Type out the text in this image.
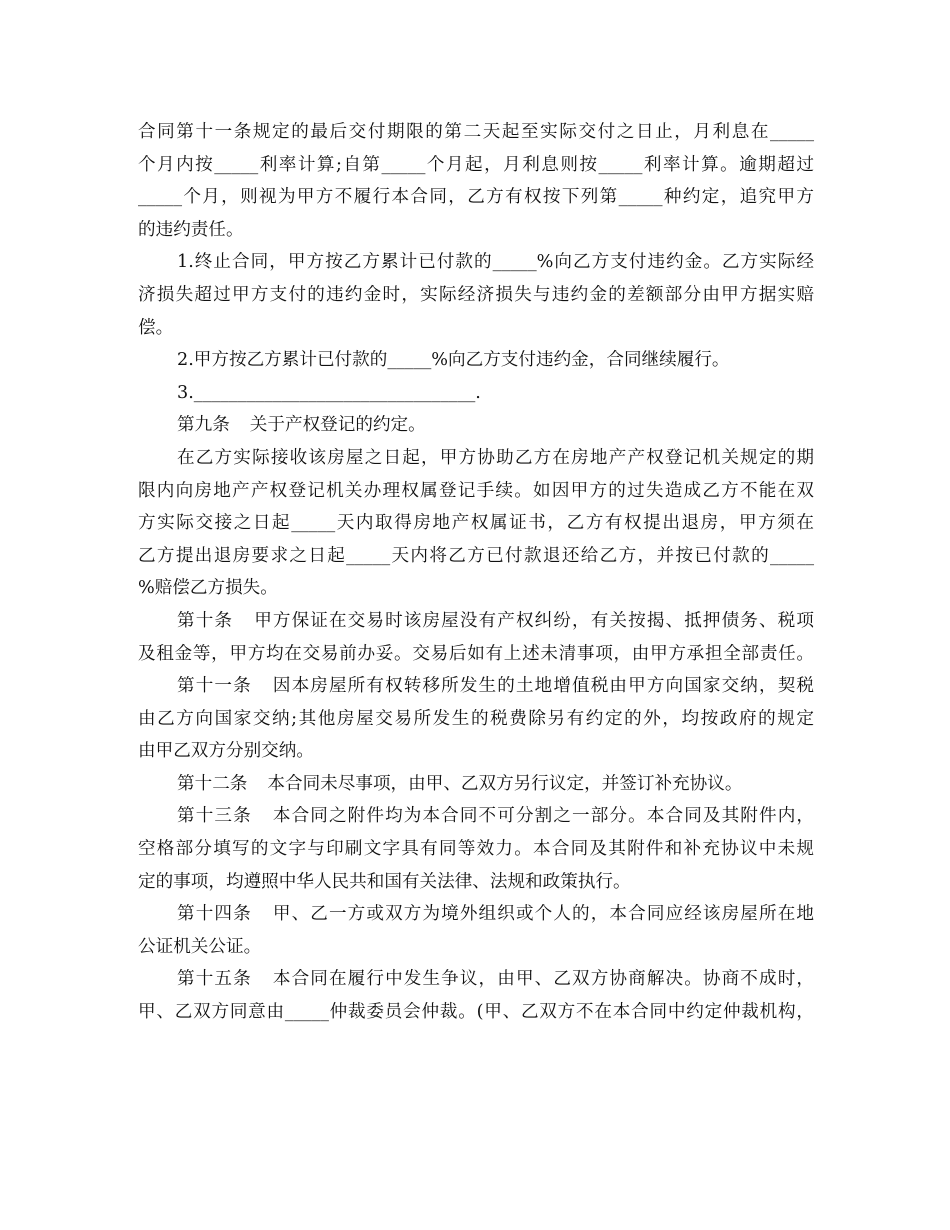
合同第十一条规定的最后交付期限的第二天起至实际交付之日止，月利息在_____
个月内按_____利率计算;自第_____个月起，月利息则按_____利率计算。逾期超过
_____个月，则视为甲方不履行本合同，乙方有权按下列第_____种约定，追究甲方
的违约责任。
1.终止合同，甲方按乙方累计已付款的_____%向乙方支付违约金。乙方实际经
济损失超过甲方支付的违约金时，实际经济损失与违约金的差额部分由甲方据实赔
偿。
2.甲方按乙方累计已付款的_____%向乙方支付违约金，合同继续履行。
3.________________________________.
第九条 关于产权登记的约定。
在乙方实际接收该房屋之日起，甲方协助乙方在房地产产权登记机关规定的期
限内向房地产产权登记机关办理权属登记手续。如因甲方的过失造成乙方不能在双
方实际交接之日起_____天内取得房地产权属证书，乙方有权提出退房，甲方须在
乙方提出退房要求之日起_____天内将乙方已付款退还给乙方，并按已付款的_____
%赔偿乙方损失。
第十条 甲方保证在交易时该房屋没有产权纠纷，有关按揭、抵押债务、税项
及租金等，甲方均在交易前办妥。交易后如有上述未清事项，由甲方承担全部责任。
第十一条 因本房屋所有权转移所发生的土地增值税由甲方向国家交纳，契税
由乙方向国家交纳;其他房屋交易所发生的税费除另有约定的外，均按政府的规定
由甲乙双方分别交纳。
第十二条 本合同未尽事项，由甲、乙双方另行议定，并签订补充协议。
第十三条 本合同之附件均为本合同不可分割之一部分。本合同及其附件内，
空格部分填写的文字与印刷文字具有同等效力。本合同及其附件和补充协议中未规
定的事项，均遵照中华人民共和国有关法律、法规和政策执行。
第十四条 甲、乙一方或双方为境外组织或个人的，本合同应经该房屋所在地
公证机关公证。
第十五条 本合同在履行中发生争议，由甲、乙双方协商解决。协商不成时，
甲、乙双方同意由_____仲裁委员会仲裁。(甲、乙双方不在本合同中约定仲裁机构，
